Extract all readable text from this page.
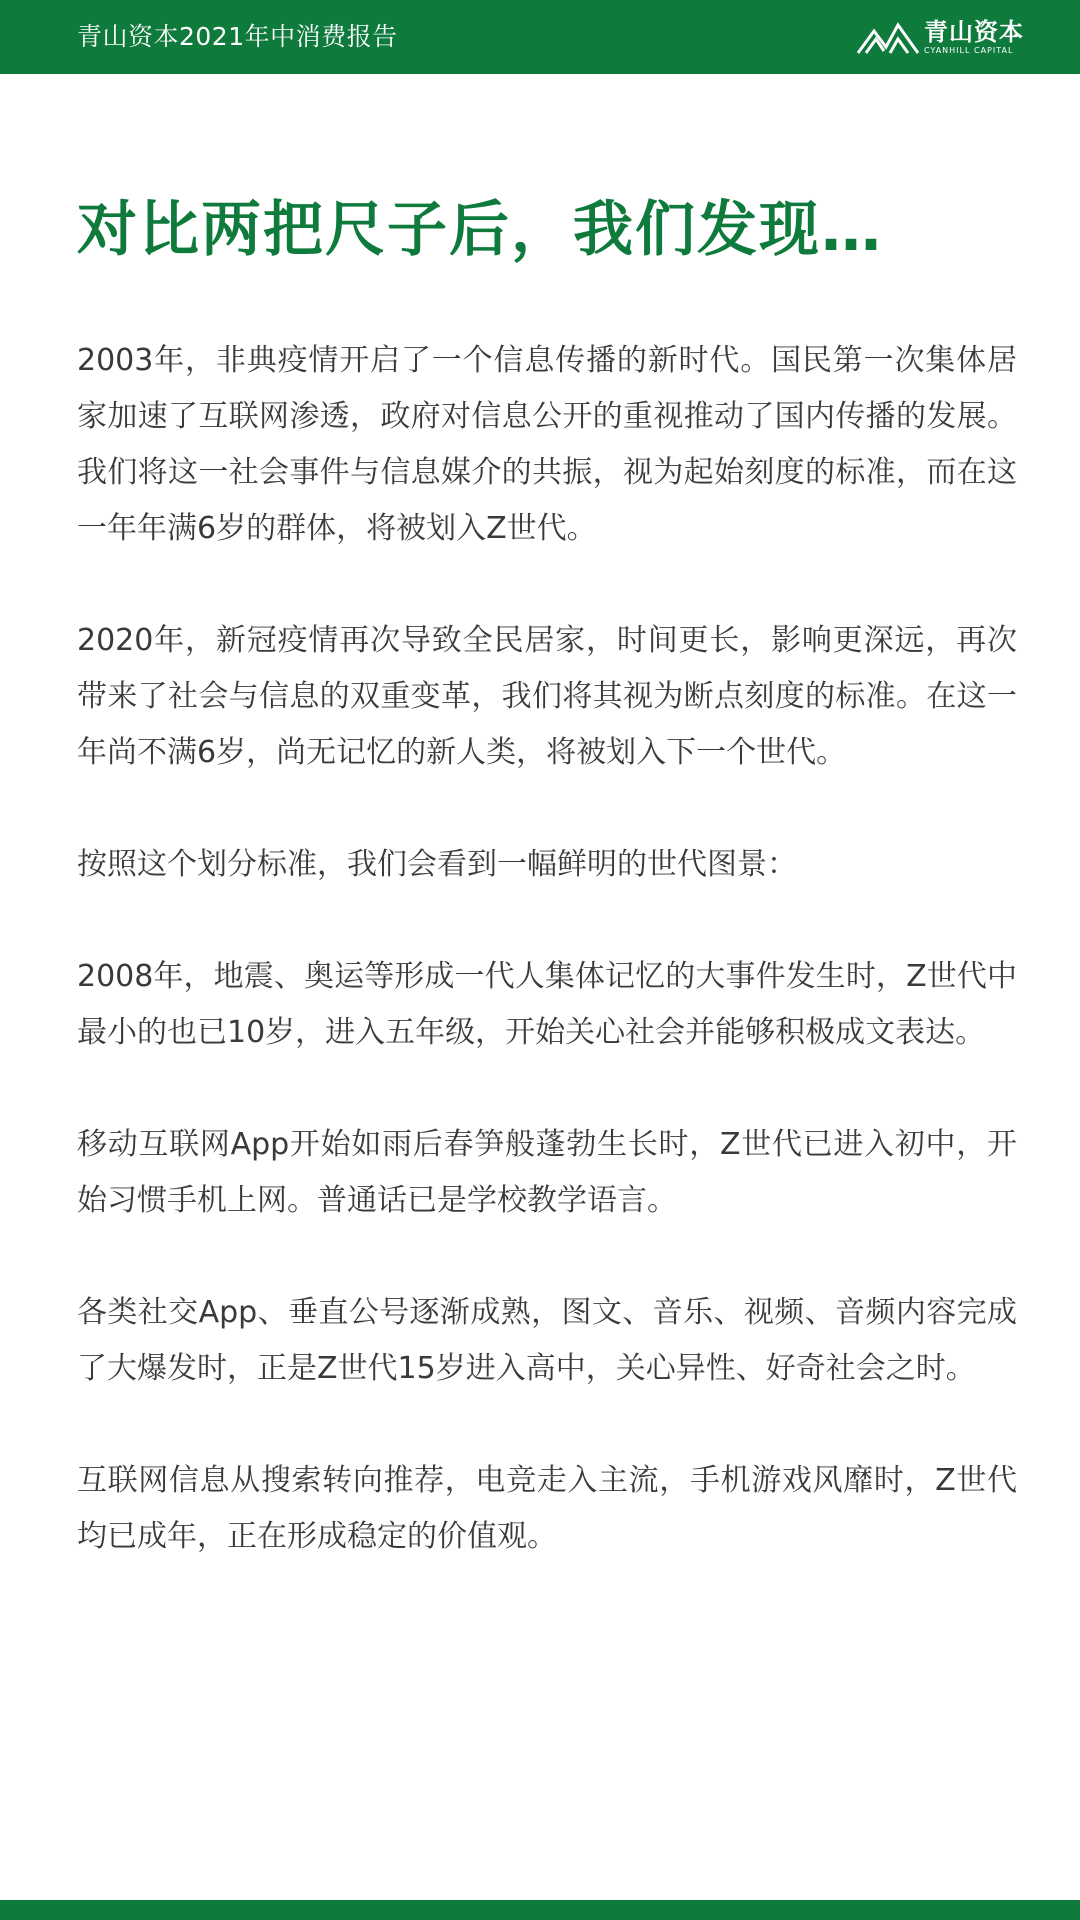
青山资本2021年中消费报告	青山资本
CYANHILL CAPITAL
对比两把尺子后，我们发现…

2003年，非典疫情开启了一个信息传播的新时代。国民第一次集体居家加速了互联网渗透，政府对信息公开的重视推动了国内传播的发展。我们将这一社会事件与信息媒介的共振，视为起始刻度的标准，而在这一年年满6岁的群体，将被划入Z世代。

2020年，新冠疫情再次导致全民居家，时间更长，影响更深远，再次带来了社会与信息的双重变革，我们将其视为断点刻度的标准。在这一年尚不满6岁，尚无记忆的新人类，将被划入下一个世代。

按照这个划分标准，我们会看到一幅鲜明的世代图景：

2008年，地震、奥运等形成一代人集体记忆的大事件发生时，Z世代中最小的也已10岁，进入五年级，开始关心社会并能够积极成文表达。

移动互联网App开始如雨后春笋般蓬勃生长时，Z世代已进入初中，开始习惯手机上网。普通话已是学校教学语言。

各类社交App、垂直公号逐渐成熟，图文、音乐、视频、音频内容完成了大爆发时，正是Z世代15岁进入高中，关心异性、好奇社会之时。

互联网信息从搜索转向推荐，电竞走入主流，手机游戏风靡时，Z世代均已成年，正在形成稳定的价值观。
